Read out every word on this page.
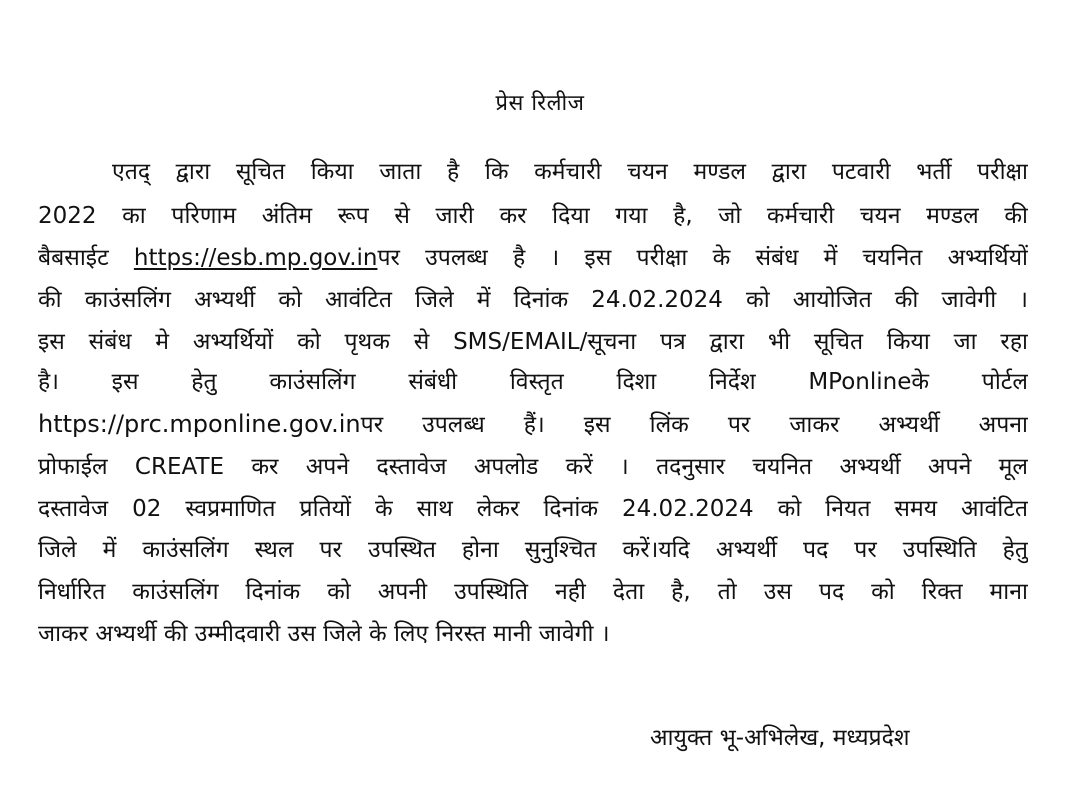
प्रेस रिलीज
एतद् द्वारा सूचित किया जाता है कि कर्मचारी चयन मण्डल द्वारा पटवारी भर्ती परीक्षा
2022 का परिणाम अंतिम रूप से जारी कर दिया गया है, जो कर्मचारी चयन मण्डल की
बैबसाईट https://esb.mp.gov.inपर उपलब्ध है । इस परीक्षा के संबंध में चयनित अभ्यर्थियों
की काउंसलिंग अभ्यर्थी को आवंटित जिले में दिनांक 24.02.2024 को आयोजित की जावेगी ।
इस संबंध मे अभ्यर्थियों को पृथक से SMS/EMAIL/सूचना पत्र द्वारा भी सूचित किया जा रहा
है। इस हेतु काउंसलिंग संबंधी विस्तृत दिशा निर्देश MPonlineके पोर्टल
https://prc.mponline.gov.inपर उपलब्ध हैं। इस लिंक पर जाकर अभ्यर्थी अपना
प्रोफाईल CREATE कर अपने दस्तावेज अपलोड करें । तदनुसार चयनित अभ्यर्थी अपने मूल
दस्तावेज 02 स्वप्रमाणित प्रतियों के साथ लेकर दिनांक 24.02.2024 को नियत समय आवंटित
जिले में काउंसलिंग स्थल पर उपस्थित होना सुनुश्चित करें।यदि अभ्यर्थी पद पर उपस्थिति हेतु
निर्धारित काउंसलिंग दिनांक को अपनी उपस्थिति नही देता है, तो उस पद को रिक्त माना
जाकर अभ्यर्थी की उम्मीदवारी उस जिले के लिए निरस्त मानी जावेगी ।
आयुक्त भू-अभिलेख, मध्यप्रदेश
